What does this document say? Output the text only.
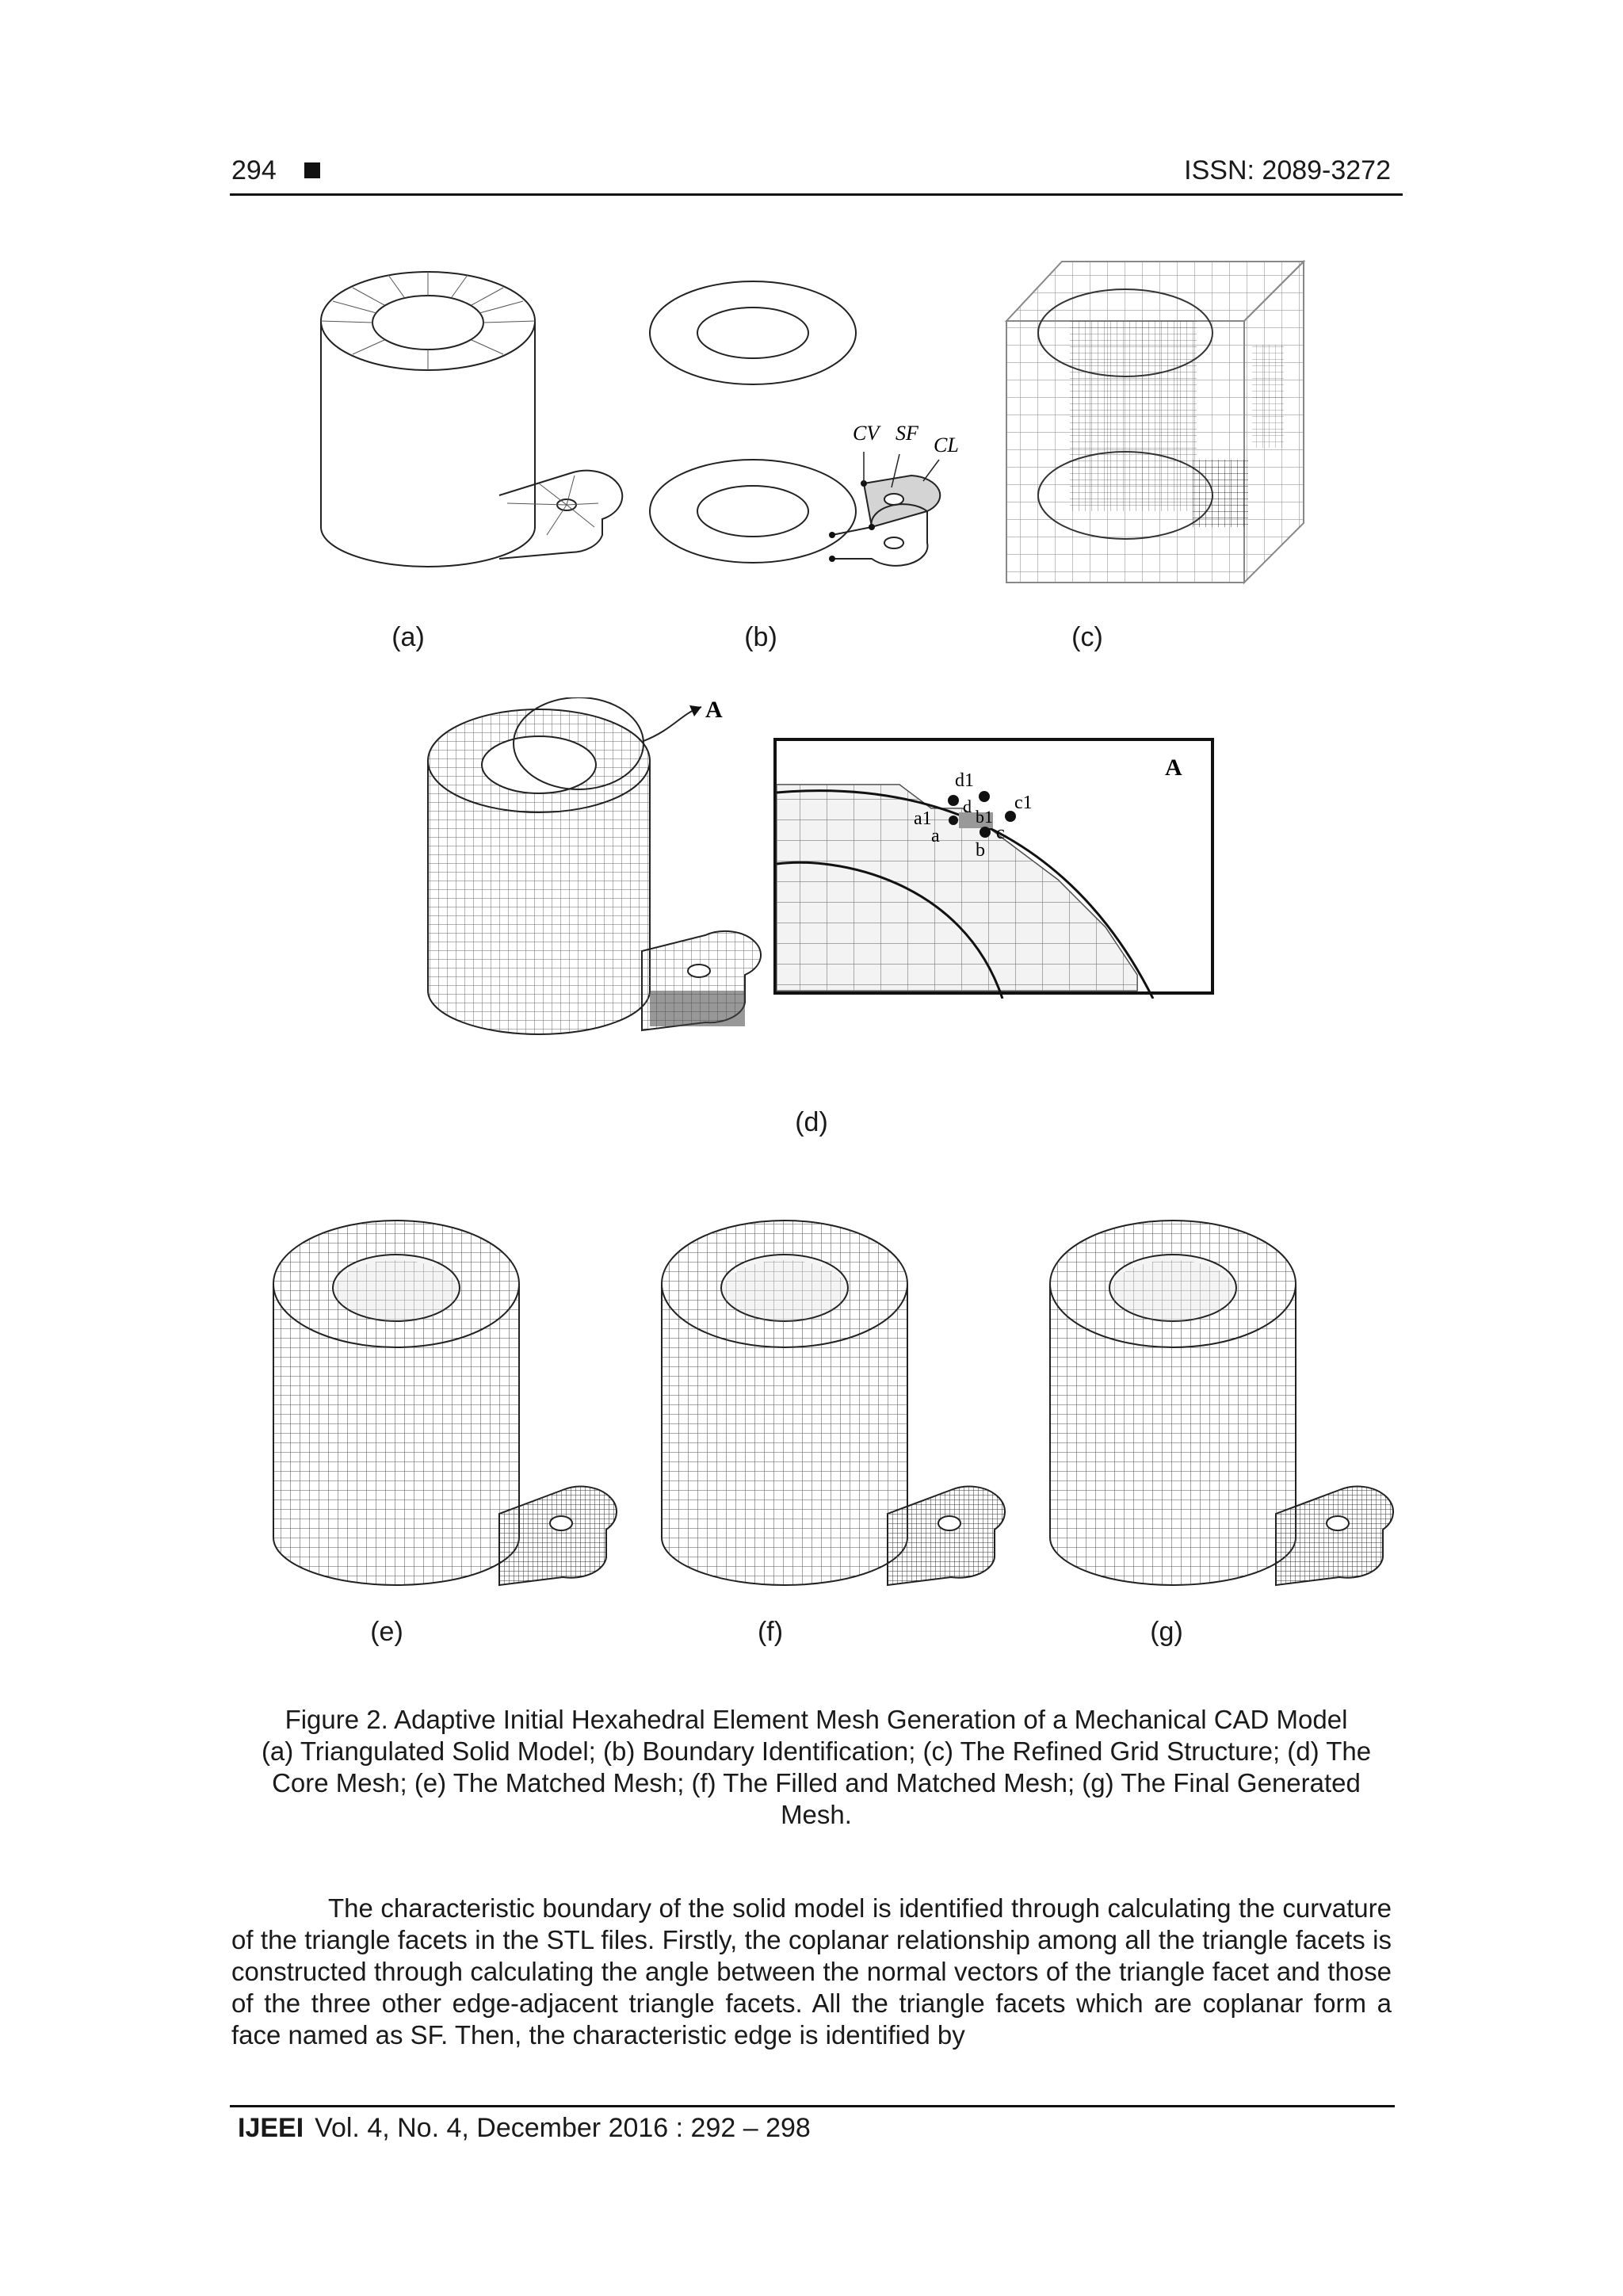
294	ISSN: 2089-3272
CV SF
CL
(a)	(b)	(c)
A
d1
c1
a1
d
b1
c
a
b
A
(d)
(e)	(f)	(g)
Figure 2. Adaptive Initial Hexahedral Element Mesh Generation of a Mechanical CAD Model
(a) Triangulated Solid Model; (b) Boundary Identification; (c) The Refined Grid Structure; (d) The Core Mesh; (e) The Matched Mesh; (f) The Filled and Matched Mesh; (g) The Final Generated Mesh.
The characteristic boundary of the solid model is identified through calculating the curvature of the triangle facets in the STL files. Firstly, the coplanar relationship among all the triangle facets is constructed through calculating the angle between the normal vectors of the triangle facet and those of the three other edge-adjacent triangle facets. All the triangle facets which are coplanar form a face named as SF. Then, the characteristic edge is identified by
IJEEI Vol. 4, No. 4, December 2016 : 292 – 298
